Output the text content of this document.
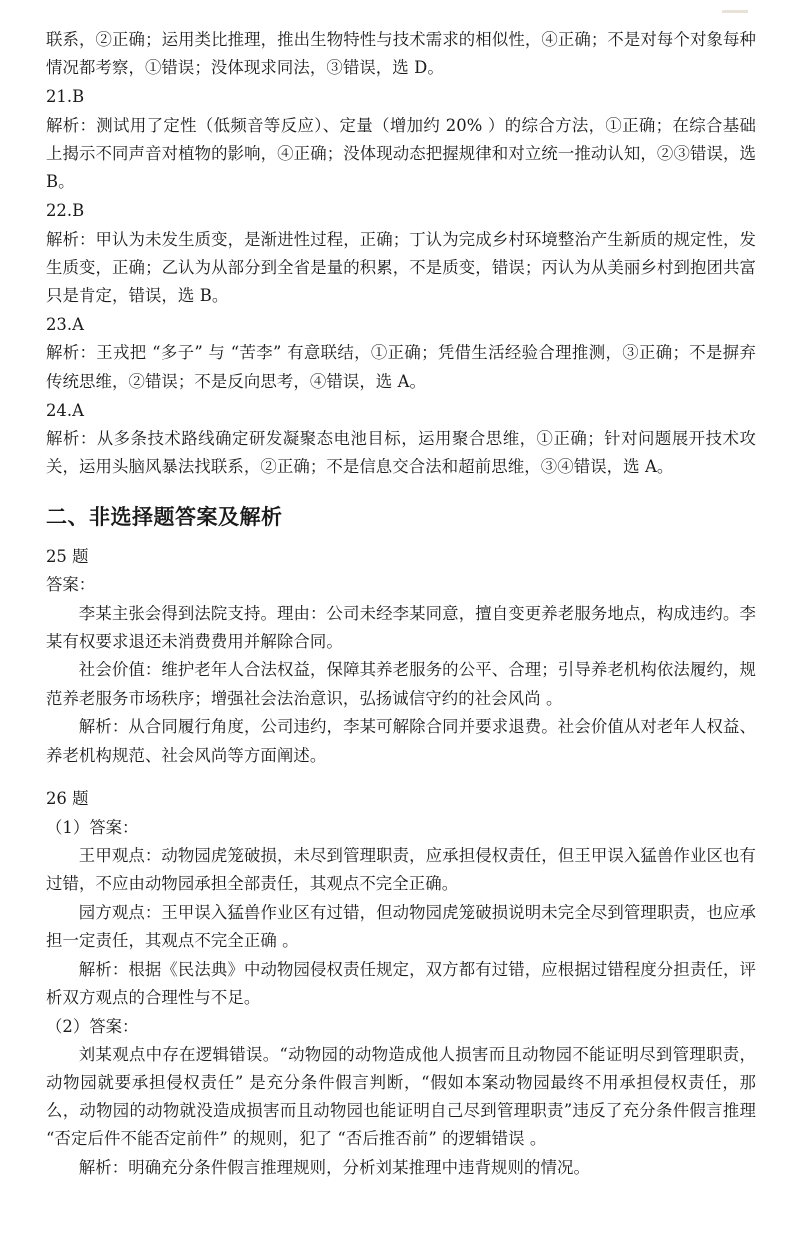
联系，②正确；运用类比推理，推出生物特性与技术需求的相似性，④正确；不是对每个对象每种情况都考察，①错误；没体现求同法，③错误，选 D。

21.B

解析：测试用了定性（低频音等反应）、定量（增加约 20% ）的综合方法，①正确；在综合基础上揭示不同声音对植物的影响，④正确；没体现动态把握规律和对立统一推动认知，②③错误，选 B。

22.B

解析：甲认为未发生质变，是渐进性过程，正确；丁认为完成乡村环境整治产生新质的规定性，发生质变，正确；乙认为从部分到全省是量的积累，不是质变，错误；丙认为从美丽乡村到抱团共富只是肯定，错误，选 B。

23.A

解析：王戎把 “多子” 与 “苦李” 有意联结，①正确；凭借生活经验合理推测，③正确；不是摒弃传统思维，②错误；不是反向思考，④错误，选 A。

24.A

解析：从多条技术路线确定研发凝聚态电池目标，运用聚合思维，①正确；针对问题展开技术攻关，运用头脑风暴法找联系，②正确；不是信息交合法和超前思维，③④错误，选 A。

二、非选择题答案及解析

25 题

答案：

李某主张会得到法院支持。理由：公司未经李某同意，擅自变更养老服务地点，构成违约。李某有权要求退还未消费费用并解除合同。

社会价值：维护老年人合法权益，保障其养老服务的公平、合理；引导养老机构依法履约，规范养老服务市场秩序；增强社会法治意识，弘扬诚信守约的社会风尚 。

解析：从合同履行角度，公司违约，李某可解除合同并要求退费。社会价值从对老年人权益、养老机构规范、社会风尚等方面阐述。

26 题

（1）答案：

王甲观点：动物园虎笼破损，未尽到管理职责，应承担侵权责任，但王甲误入猛兽作业区也有过错，不应由动物园承担全部责任，其观点不完全正确。

园方观点：王甲误入猛兽作业区有过错，但动物园虎笼破损说明未完全尽到管理职责，也应承担一定责任，其观点不完全正确 。

解析：根据《民法典》中动物园侵权责任规定，双方都有过错，应根据过错程度分担责任，评析双方观点的合理性与不足。

（2）答案：

刘某观点中存在逻辑错误。“动物园的动物造成他人损害而且动物园不能证明尽到管理职责，动物园就要承担侵权责任” 是充分条件假言判断，“假如本案动物园最终不用承担侵权责任，那么，动物园的动物就没造成损害而且动物园也能证明自己尽到管理职责”违反了充分条件假言推理 “否定后件不能否定前件” 的规则，犯了 “否后推否前” 的逻辑错误 。

解析：明确充分条件假言推理规则，分析刘某推理中违背规则的情况。
